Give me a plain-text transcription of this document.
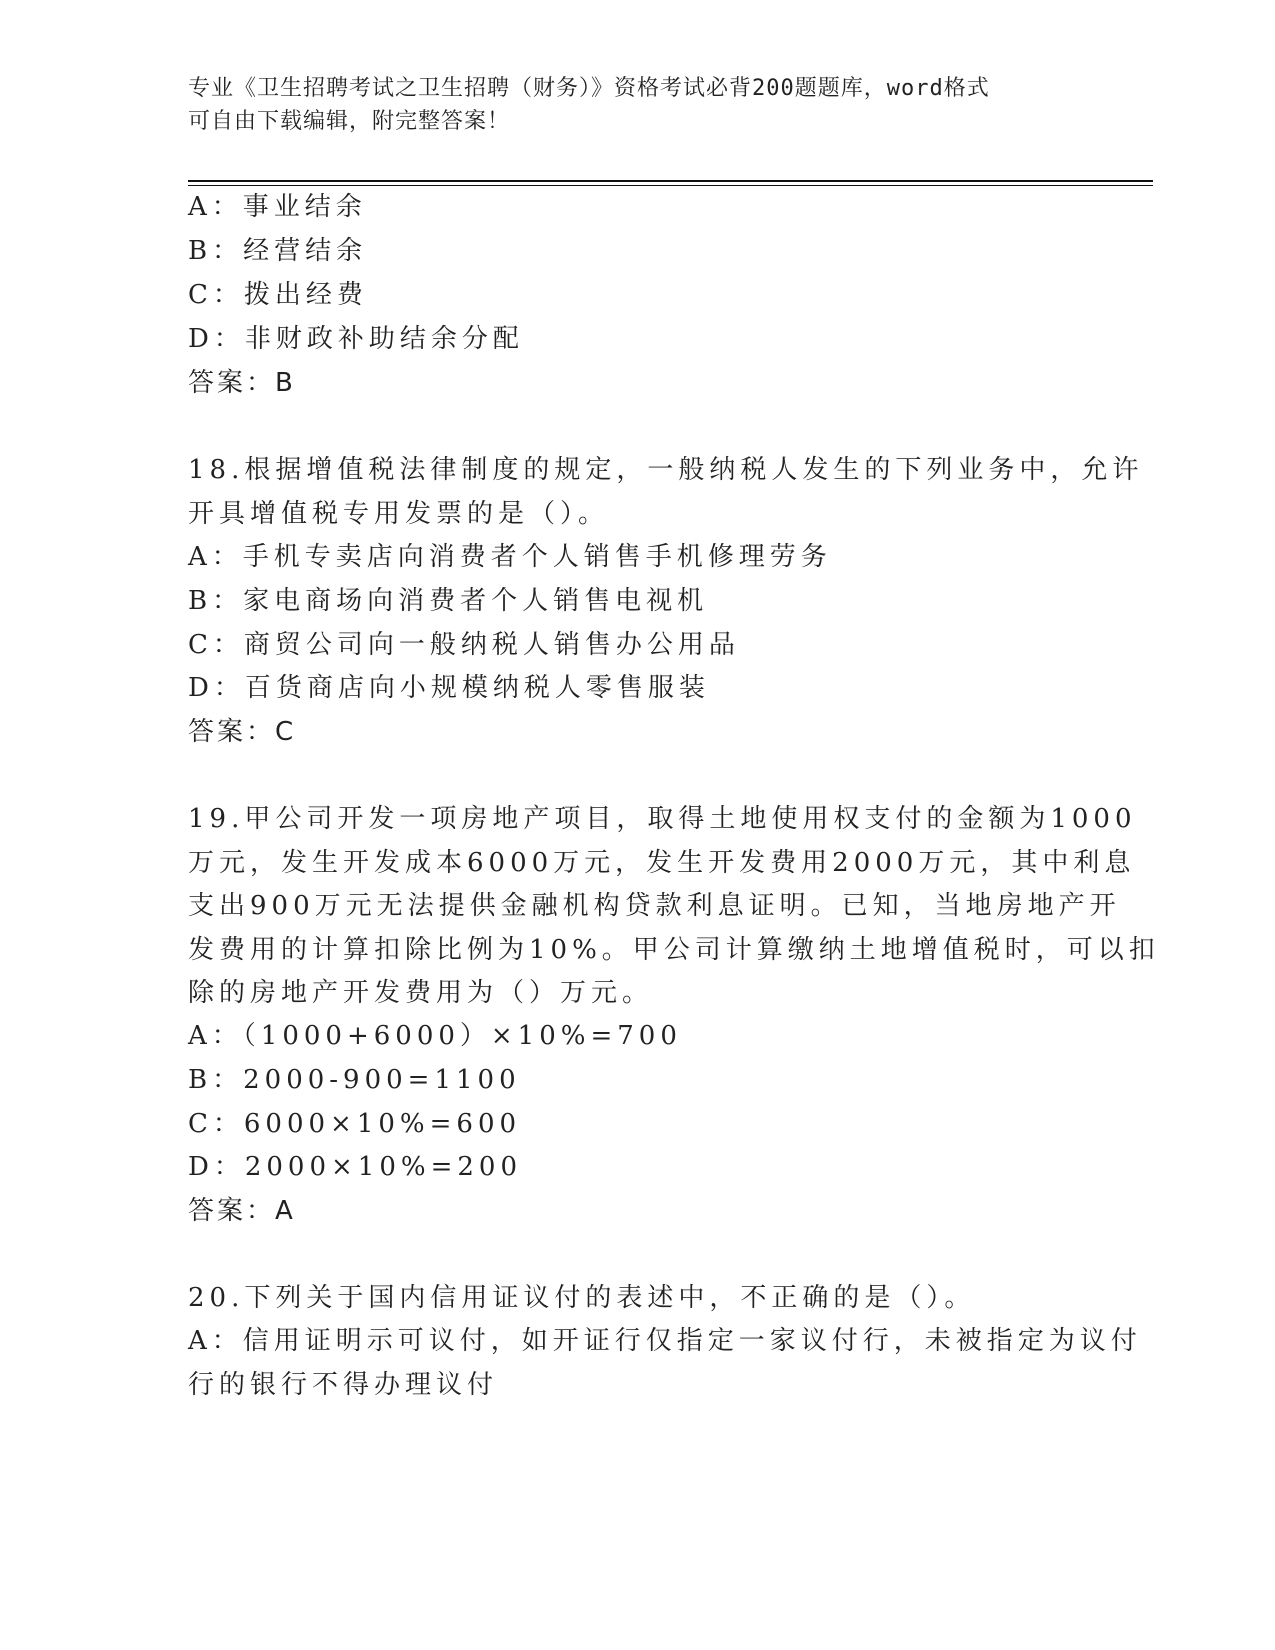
专业《卫生招聘考试之卫生招聘（财务）》资格考试必背200题题库，word格式
可自由下载编辑，附完整答案！
A：事业结余
B：经营结余
C：拨出经费
D：非财政补助结余分配
答案：B
18.根据增值税法律制度的规定，一般纳税人发生的下列业务中，允许
开具增值税专用发票的是（）。
A：手机专卖店向消费者个人销售手机修理劳务
B：家电商场向消费者个人销售电视机
C：商贸公司向一般纳税人销售办公用品
D：百货商店向小规模纳税人零售服装
答案：C
19.甲公司开发一项房地产项目，取得土地使用权支付的金额为1000
万元，发生开发成本6000万元，发生开发费用2000万元，其中利息
支出900万元无法提供金融机构贷款利息证明。已知，当地房地产开
发费用的计算扣除比例为10%。甲公司计算缴纳土地增值税时，可以扣
除的房地产开发费用为（）万元。
A：（1000+6000）×10%=700
B：2000-900=1100
C：6000×10%=600
D：2000×10%=200
答案：A
20.下列关于国内信用证议付的表述中，不正确的是（）。
A：信用证明示可议付，如开证行仅指定一家议付行，未被指定为议付
行的银行不得办理议付
